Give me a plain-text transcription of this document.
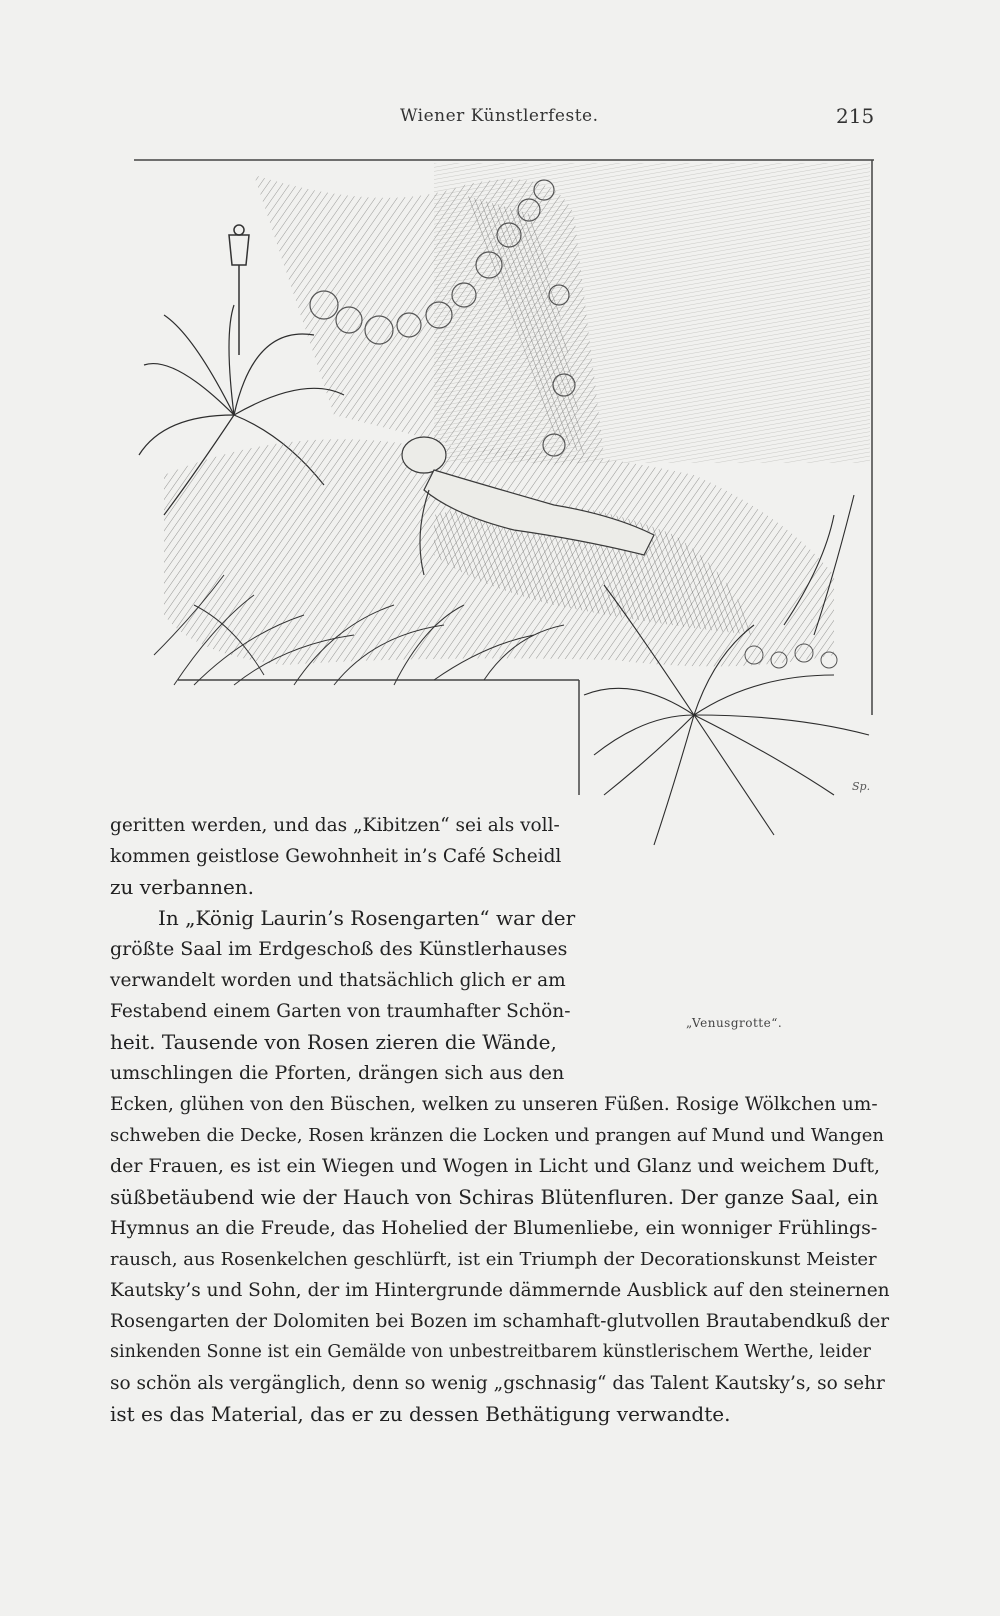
Wiener Künstlerfeste.	215
Sp.
„Venusgrotte“.
geritten werden, und das „Kibitzen“ sei als voll-
kommen geistlose Gewohnheit in’s Café Scheidl
zu verbannen.
In „König Laurin’s Rosengarten“ war der
größte Saal im Erdgeschoß des Künstlerhauses
verwandelt worden und thatsächlich glich er am
Festabend einem Garten von traumhafter Schön-
heit. Tausende von Rosen zieren die Wände,
umschlingen die Pforten, drängen sich aus den
Ecken, glühen von den Büschen, welken zu unseren Füßen. Rosige Wölkchen um-
schweben die Decke, Rosen kränzen die Locken und prangen auf Mund und Wangen
der Frauen, es ist ein Wiegen und Wogen in Licht und Glanz und weichem Duft,
süßbetäubend wie der Hauch von Schiras Blütenfluren. Der ganze Saal, ein
Hymnus an die Freude, das Hohelied der Blumenliebe, ein wonniger Frühlings-
rausch, aus Rosenkelchen geschlürft, ist ein Triumph der Decorationskunst Meister
Kautsky’s und Sohn, der im Hintergrunde dämmernde Ausblick auf den steinernen
Rosengarten der Dolomiten bei Bozen im schamhaft-glutvollen Brautabendkuß der
sinkenden Sonne ist ein Gemälde von unbestreitbarem künstlerischem Werthe, leider
so schön als vergänglich, denn so wenig „gschnasig“ das Talent Kautsky’s, so sehr
ist es das Material, das er zu dessen Bethätigung verwandte.
